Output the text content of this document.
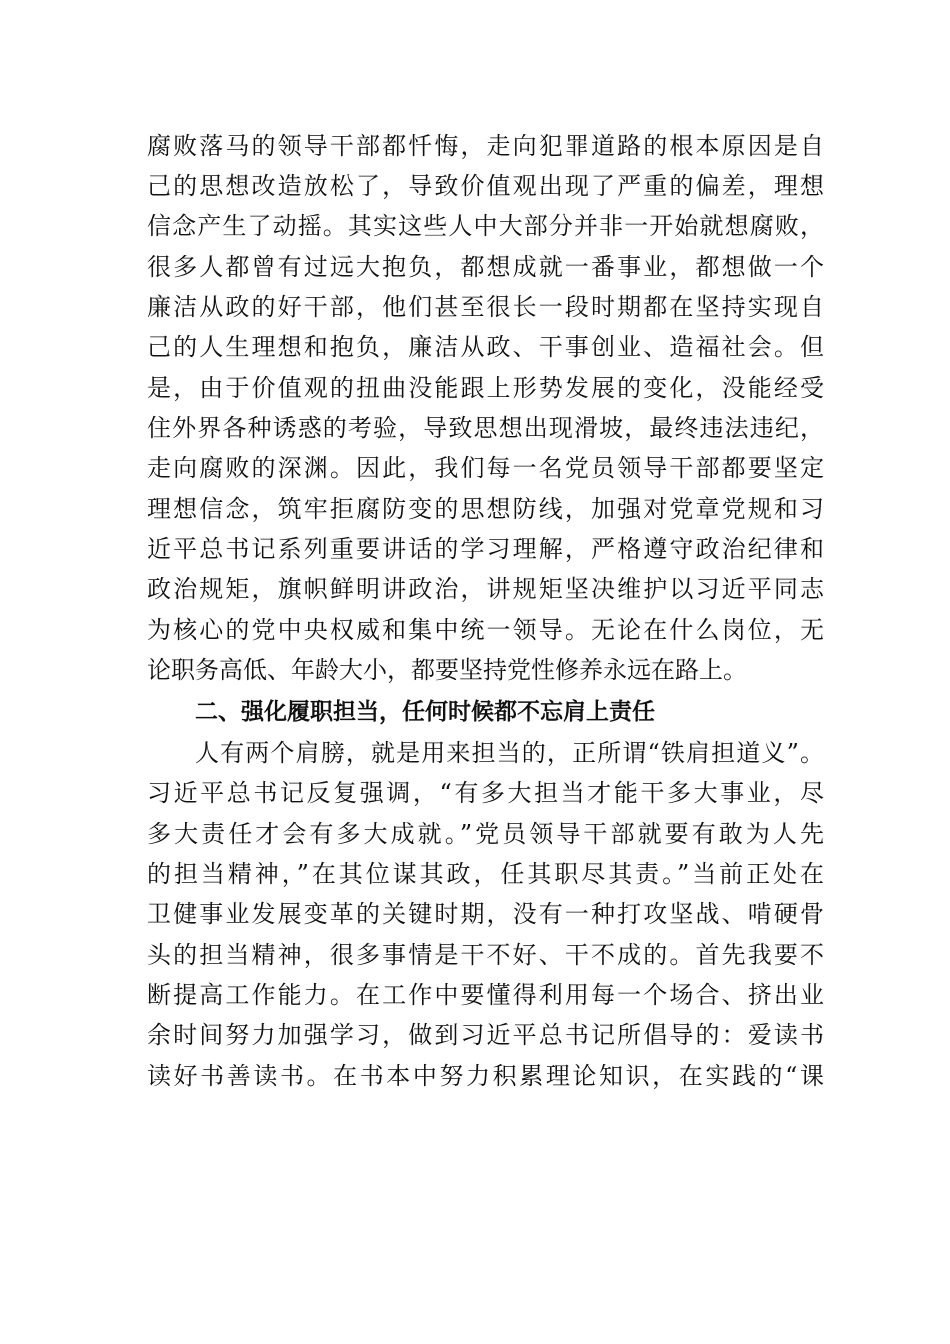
腐败落马的领导干部都忏悔，走向犯罪道路的根本原因是自
己的思想改造放松了，导致价值观出现了严重的偏差，理想
信念产生了动摇。其实这些人中大部分并非一开始就想腐败，
很多人都曾有过远大抱负，都想成就一番事业，都想做一个
廉洁从政的好干部，他们甚至很长一段时期都在坚持实现自
己的人生理想和抱负，廉洁从政、干事创业、造福社会。但
是，由于价值观的扭曲没能跟上形势发展的变化，没能经受
住外界各种诱惑的考验，导致思想出现滑坡，最终违法违纪，
走向腐败的深渊。因此，我们每一名党员领导干部都要坚定
理想信念，筑牢拒腐防变的思想防线，加强对党章党规和习
近平总书记系列重要讲话的学习理解，严格遵守政治纪律和
政治规矩，旗帜鲜明讲政治，讲规矩坚决维护以习近平同志
为核心的党中央权威和集中统一领导。无论在什么岗位，无
论职务高低、年龄大小，都要坚持党性修养永远在路上。
二、强化履职担当，任何时候都不忘肩上责任
人有两个肩膀，就是用来担当的，正所谓“铁肩担道义”。
习近平总书记反复强调，“有多大担当才能干多大事业，尽
多大责任才会有多大成就。”党员领导干部就要有敢为人先
的担当精神，”在其位谋其政，任其职尽其责。”当前正处在
卫健事业发展变革的关键时期，没有一种打攻坚战、啃硬骨
头的担当精神，很多事情是干不好、干不成的。首先我要不
断提高工作能力。在工作中要懂得利用每一个场合、挤出业
余时间努力加强学习，做到习近平总书记所倡导的：爱读书
读好书善读书。在书本中努力积累理论知识，在实践的“课
